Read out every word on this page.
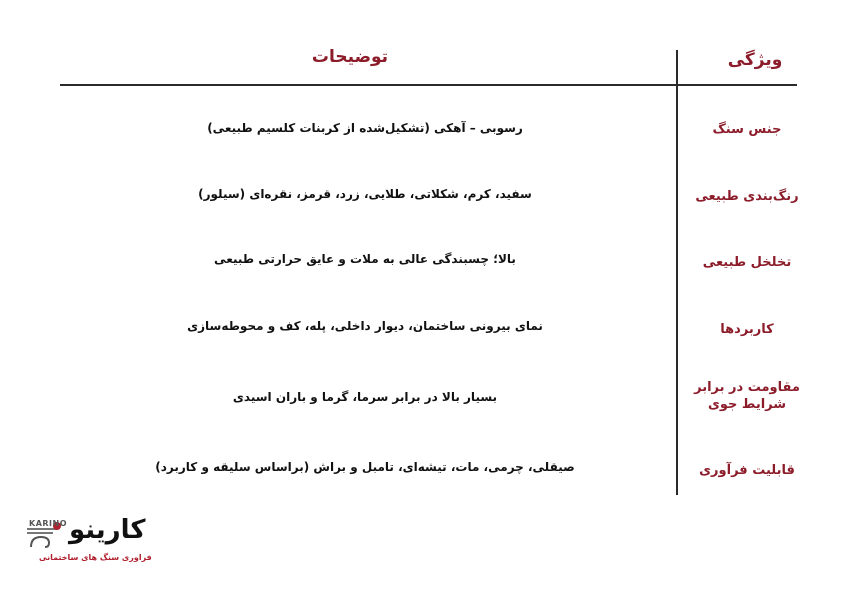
ویژگی
توضیحات
جنس سنگ
رسوبی – آهکی (تشکیل‌شده از کربنات کلسیم طبیعی)
رنگ‌بندی طبیعی
سفید، کرم، شکلاتی، طلایی، زرد، قرمز، نقره‌ای (سیلور)
تخلخل طبیعی
بالا؛ چسبندگی عالی به ملات و عایق حرارتی طبیعی
کاربردها
نمای بیرونی ساختمان، دیوار داخلی، پله، کف و محوطه‌سازی
مقاومت در برابر شرایط جوی
بسیار بالا در برابر سرما، گرما و باران اسیدی
قابلیت فرآوری
صیقلی، چرمی، مات، تیشه‌ای، تامبل و براش (براساس سلیقه و کاربرد)
KARINO کارینو
فراوری سنگ های ساختمانی
